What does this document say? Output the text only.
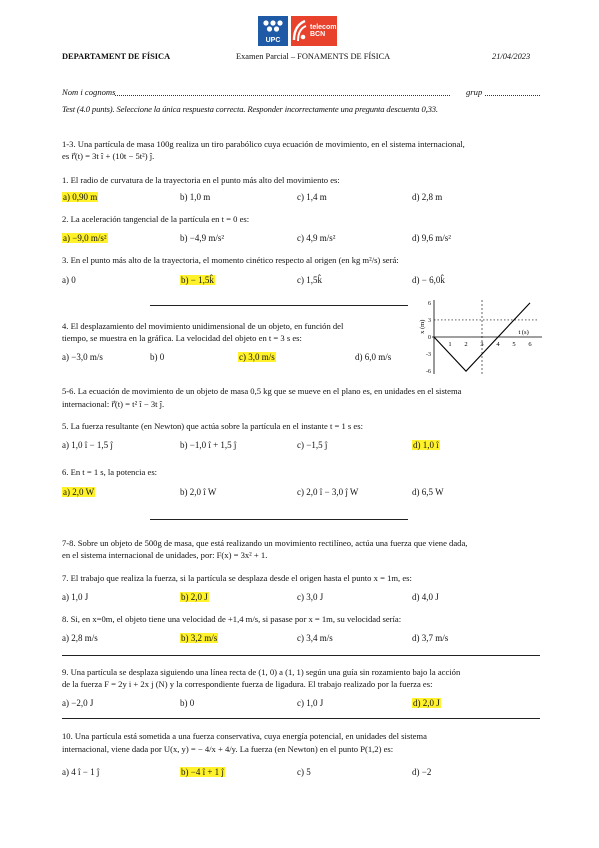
UPC
telecom BCN
DEPARTAMENT DE FÍSICA	Examen Parcial – FONAMENTS DE FÍSICA	21/04/2023
Nom i cognoms	grup
Test (4.0 punts). Seleccione la única respuesta correcta. Responder incorrectamente una pregunta descuenta 0,33.
1-3. Una partícula de masa 100g realiza un tiro parabólico cuya ecuación de movimiento, en el sistema internacional,
es r⃗(t) = 3t î + (10t − 5t²) ĵ.
1. El radio de curvatura de la trayectoria en el punto más alto del movimiento es:
a) 0,90 m	b) 1,0 m	c) 1,4 m	d) 2,8 m
2. La aceleración tangencial de la partícula en t = 0 es:
a) −9,0 m/s²	b) −4,9 m/s²	c) 4,9 m/s²	d) 9,6 m/s²
3. En el punto más alto de la trayectoria, el momento cinético respecto al origen (en kg m²/s) será:
a) 0	b) − 1,5k̂	c) 1,5k̂	d) − 6,0k̂
4. El desplazamiento del movimiento unidimensional de un objeto, en función del
tiempo, se muestra en la gráfica. La velocidad del objeto en t = 3 s es:
a) −3,0 m/s	b) 0	c) 3,0 m/s	d) 6,0 m/s
1 2 3 4 5 6
6
3
-3
-6
0
x (m)	t (s)
5-6. La ecuación de movimiento de un objeto de masa 0,5 kg que se mueve en el plano es, en unidades en el sistema
internacional: r⃗(t) = t² î − 3t ĵ.
5. La fuerza resultante (en Newton) que actúa sobre la partícula en el instante t = 1 s es:
a) 1,0 î − 1,5 ĵ	b) −1,0 î + 1,5 ĵ	c) −1,5 ĵ	d) 1,0 î
6. En t = 1 s, la potencia es:
a) 2,0 W	b) 2,0 î W	c) 2,0 î − 3,0 ĵ W	d) 6,5 W
7-8. Sobre un objeto de 500g de masa, que está realizando un movimiento rectilíneo, actúa una fuerza que viene dada,
en el sistema internacional de unidades, por: F(x) = 3x² + 1.
7. El trabajo que realiza la fuerza, si la partícula se desplaza desde el origen hasta el punto x = 1m, es:
a) 1,0 J	b) 2,0 J	c) 3,0 J	d) 4,0 J
8. Si, en x=0m, el objeto tiene una velocidad de +1,4 m/s, si pasase por x = 1m, su velocidad sería:
a) 2,8 m/s	b) 3,2 m/s	c) 3,4 m/s	d) 3,7 m/s
9. Una partícula se desplaza siguiendo una línea recta de (1, 0) a (1, 1) según una guía sin rozamiento bajo la acción
de la fuerza F = 2y i + 2x j (N) y la correspondiente fuerza de ligadura. El trabajo realizado por la fuerza es:
a) −2,0 J	b) 0	c) 1,0 J	d) 2,0 J
10. Una partícula está sometida a una fuerza conservativa, cuya energía potencial, en unidades del sistema
internacional, viene dada por U(x, y) = − 4/x + 4/y. La fuerza (en Newton) en el punto P(1,2) es:
a) 4 î − 1 ĵ	b) −4 î + 1 ĵ	c) 5	d) −2
